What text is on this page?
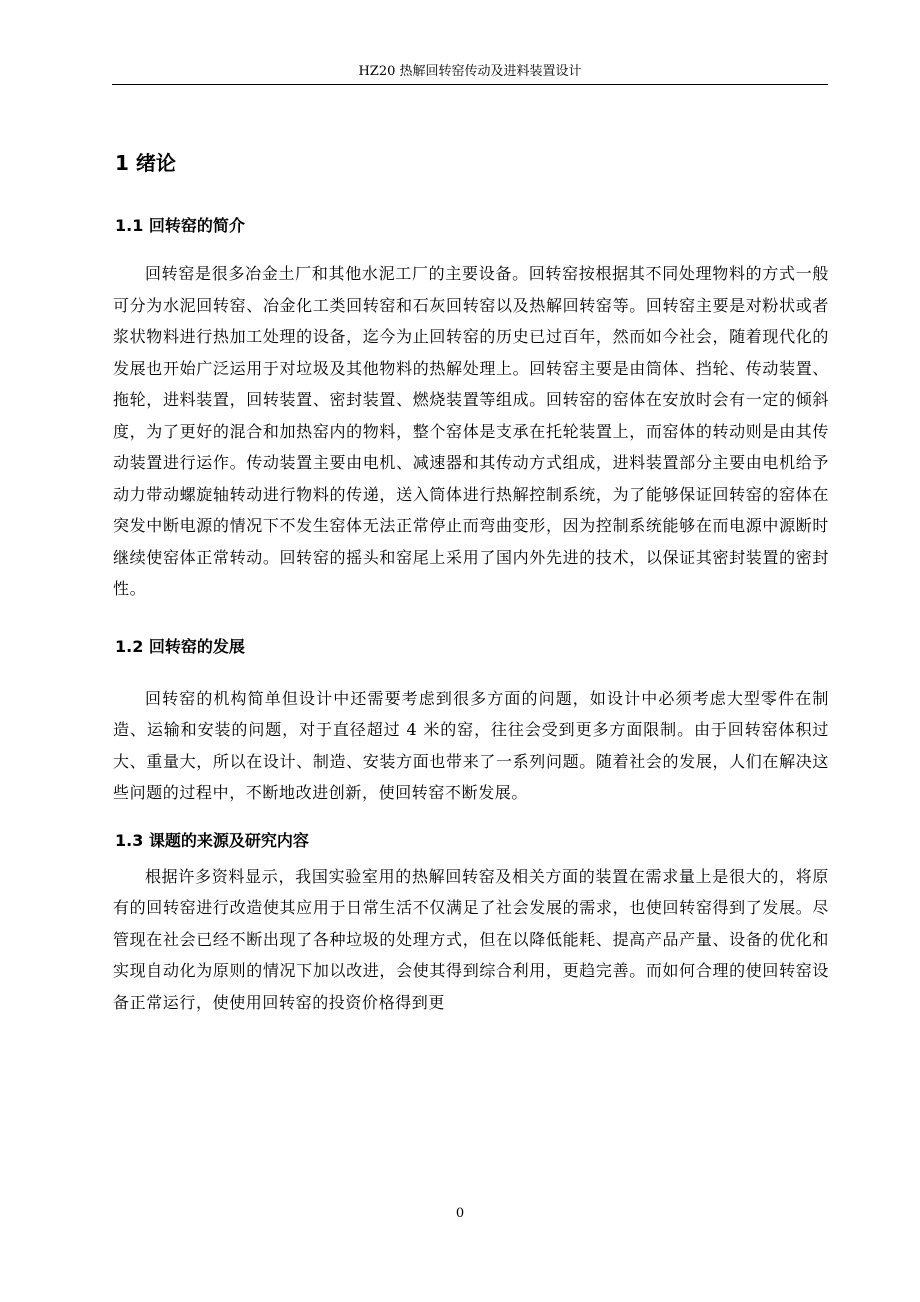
HZ20 热解回转窑传动及进料装置设计
1 绪论
1.1 回转窑的简介

回转窑是很多冶金土厂和其他水泥工厂的主要设备。回转窑按根据其不同处理物料的方式一般可分为水泥回转窑、冶金化工类回转窑和石灰回转窑以及热解回转窑等。回转窑主要是对粉状或者浆状物料进行热加工处理的设备，迄今为止回转窑的历史已过百年，然而如今社会，随着现代化的发展也开始广泛运用于对垃圾及其他物料的热解处理上。回转窑主要是由筒体、挡轮、传动装置、拖轮，进料装置，回转装置、密封装置、燃烧装置等组成。回转窑的窑体在安放时会有一定的倾斜度，为了更好的混合和加热窑内的物料，整个窑体是支承在托轮装置上，而窑体的转动则是由其传动装置进行运作。传动装置主要由电机、减速器和其传动方式组成，进料装置部分主要由电机给予动力带动螺旋轴转动进行物料的传递，送入筒体进行热解控制系统，为了能够保证回转窑的窑体在突发中断电源的情况下不发生窑体无法正常停止而弯曲变形，因为控制系统能够在而电源中源断时继续使窑体正常转动。回转窑的摇头和窑尾上采用了国内外先进的技术，以保证其密封装置的密封性。

1.2 回转窑的发展

回转窑的机构简单但设计中还需要考虑到很多方面的问题，如设计中必须考虑大型零件在制造、运输和安装的问题，对于直径超过 4 米的窑，往往会受到更多方面限制。由于回转窑体积过大、重量大，所以在设计、制造、安装方面也带来了一系列问题。随着社会的发展，人们在解决这些问题的过程中，不断地改进创新，使回转窑不断发展。

1.3 课题的来源及研究内容

根据许多资料显示，我国实验室用的热解回转窑及相关方面的装置在需求量上是很大的，将原有的回转窑进行改造使其应用于日常生活不仅满足了社会发展的需求，也使回转窑得到了发展。尽管现在社会已经不断出现了各种垃圾的处理方式，但在以降低能耗、提高产品产量、设备的优化和实现自动化为原则的情况下加以改进，会使其得到综合利用，更趋完善。而如何合理的使回转窑设备正常运行，使使用回转窑的投资价格得到更

0
